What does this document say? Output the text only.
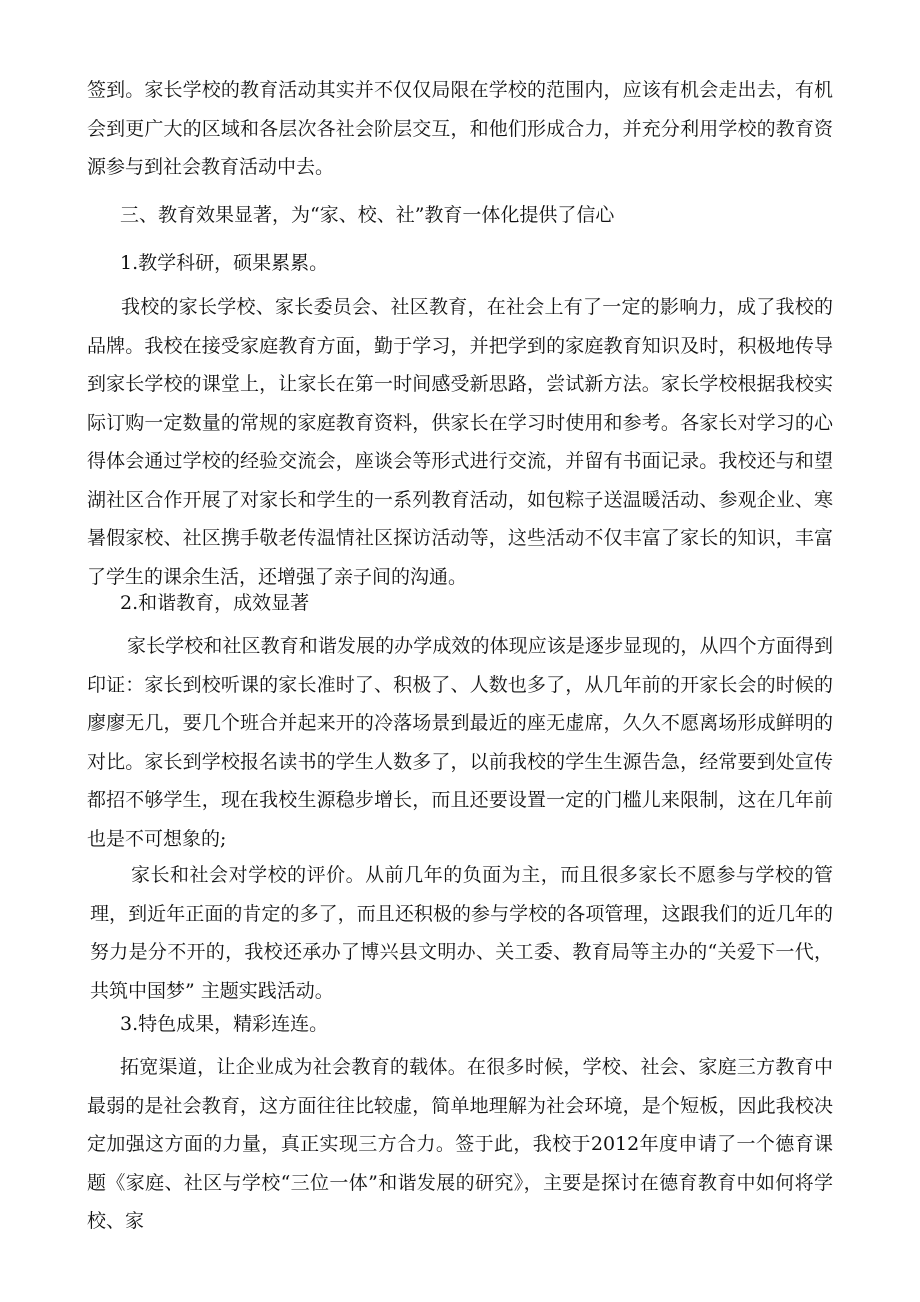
签到。家长学校的教育活动其实并不仅仅局限在学校的范围内，应该有机会走出去，有机会到更广大的区域和各层次各社会阶层交互，和他们形成合力，并充分利用学校的教育资源参与到社会教育活动中去。

三、教育效果显著，为“家、校、社”教育一体化提供了信心

1.教学科研，硕果累累。

我校的家长学校、家长委员会、社区教育，在社会上有了一定的影响力，成了我校的品牌。我校在接受家庭教育方面，勤于学习，并把学到的家庭教育知识及时，积极地传导到家长学校的课堂上，让家长在第一时间感受新思路，尝试新方法。家长学校根据我校实际订购一定数量的常规的家庭教育资料，供家长在学习时使用和参考。各家长对学习的心得体会通过学校的经验交流会，座谈会等形式进行交流，并留有书面记录。我校还与和望湖社区合作开展了对家长和学生的一系列教育活动，如包粽子送温暖活动、参观企业、寒暑假家校、社区携手敬老传温情社区探访活动等，这些活动不仅丰富了家长的知识，丰富了学生的课余生活，还增强了亲子间的沟通。

2.和谐教育，成效显著

家长学校和社区教育和谐发展的办学成效的体现应该是逐步显现的，从四个方面得到印证：家长到校听课的家长准时了、积极了、人数也多了，从几年前的开家长会的时候的廖廖无几，要几个班合并起来开的冷落场景到最近的座无虚席，久久不愿离场形成鲜明的对比。家长到学校报名读书的学生人数多了，以前我校的学生生源告急，经常要到处宣传都招不够学生，现在我校生源稳步增长，而且还要设置一定的门槛儿来限制，这在几年前也是不可想象的;

家长和社会对学校的评价。从前几年的负面为主，而且很多家长不愿参与学校的管理，到近年正面的肯定的多了，而且还积极的参与学校的各项管理，这跟我们的近几年的努力是分不开的，我校还承办了博兴县文明办、关工委、教育局等主办的“关爱下一代，共筑中国梦” 主题实践活动。

3.特色成果，精彩连连。

拓宽渠道，让企业成为社会教育的载体。在很多时候，学校、社会、家庭三方教育中最弱的是社会教育，这方面往往比较虚，简单地理解为社会环境，是个短板，因此我校决定加强这方面的力量，真正实现三方合力。签于此，我校于2012年度申请了一个德育课题《家庭、社区与学校“三位一体”和谐发展的研究》，主要是探讨在德育教育中如何将学校、家
